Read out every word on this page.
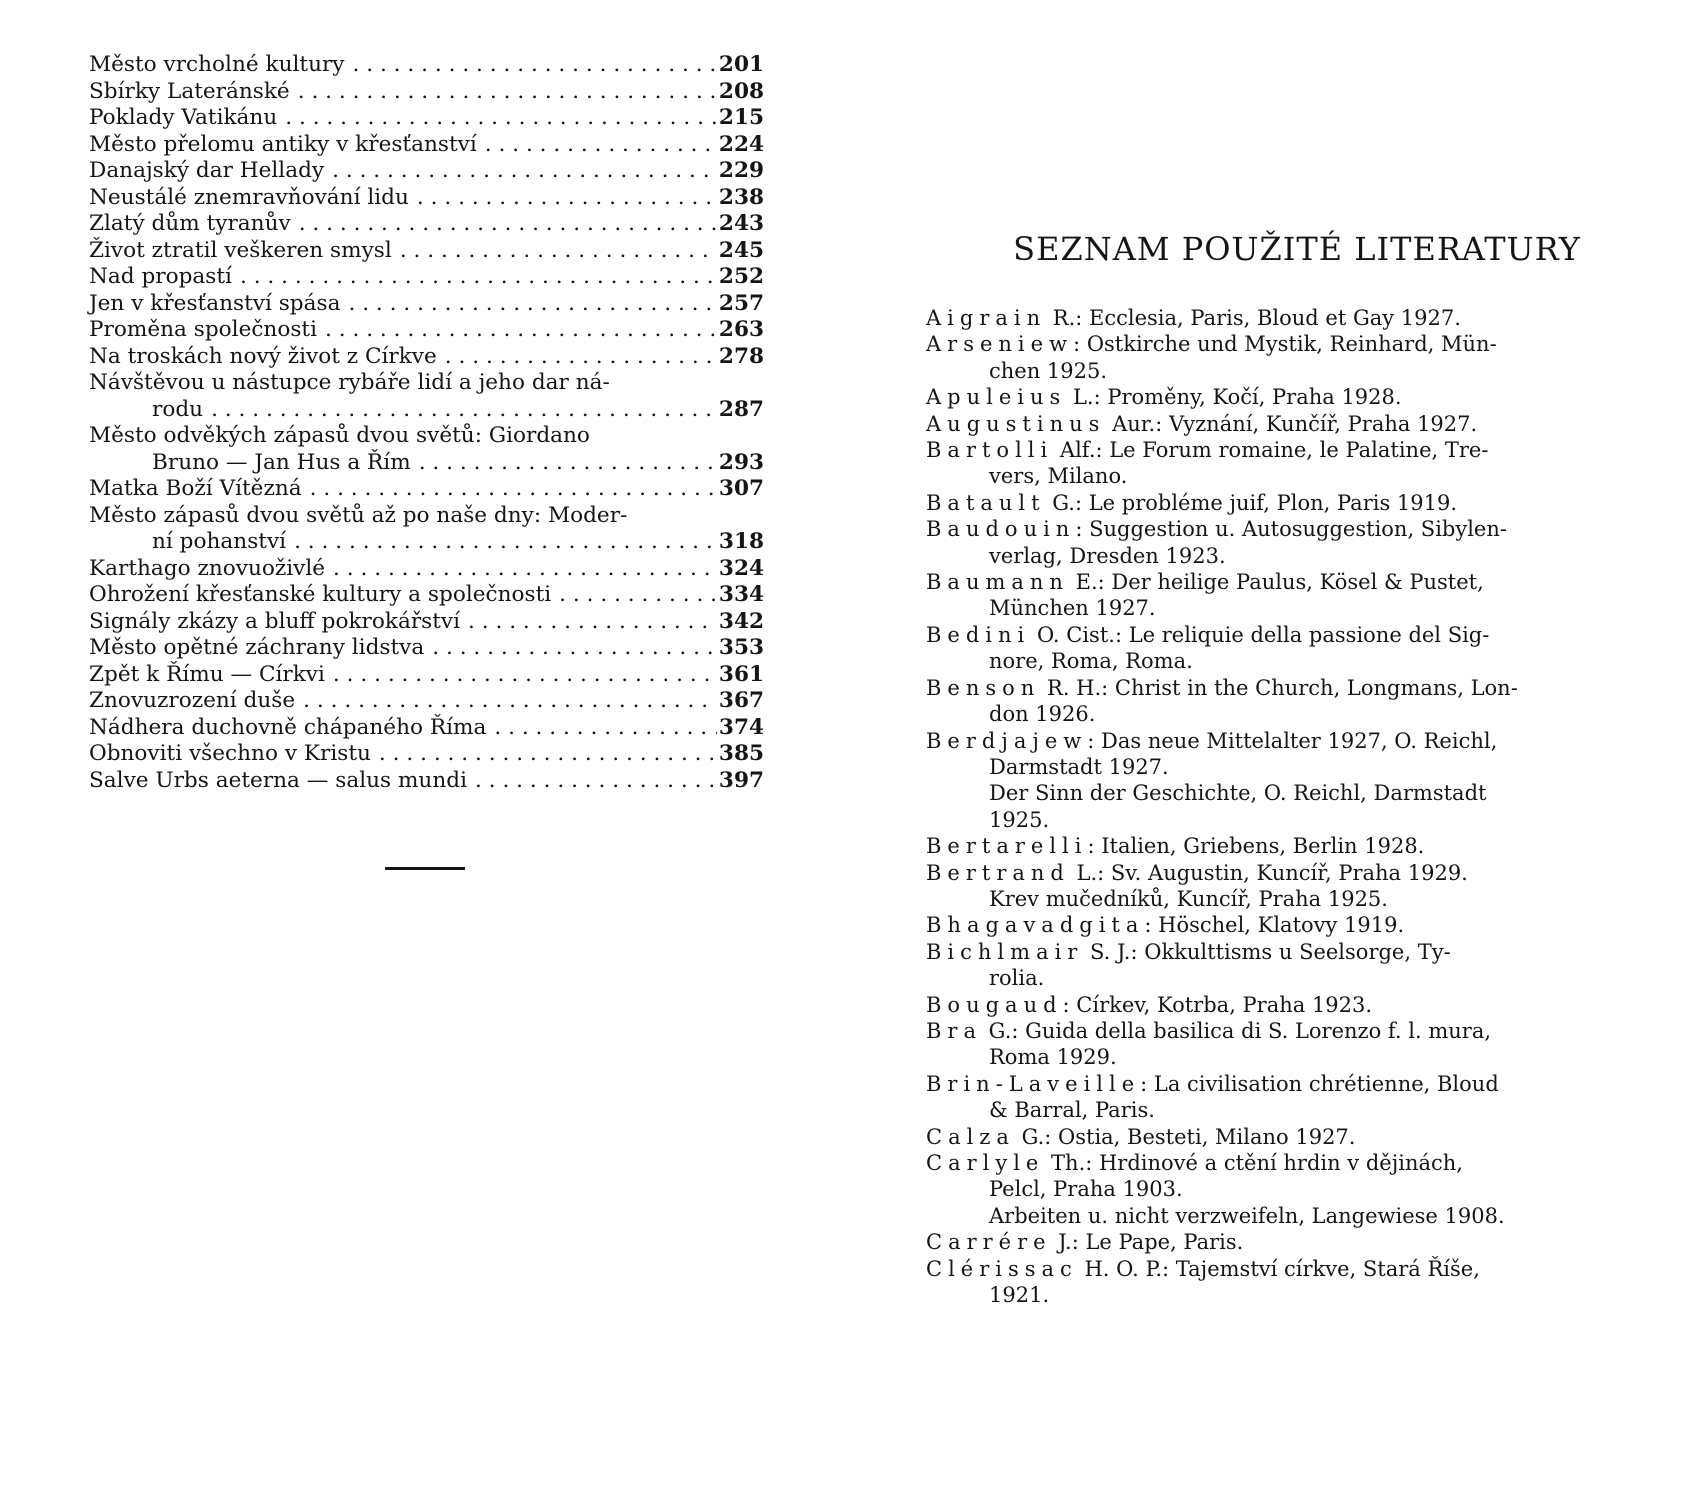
Město vrcholné kultury . . .	201
Sbírky Lateránské . . .	208
Poklady Vatikánu . . .	215
Město přelomu antiky v křesťanství . . .	224
Danajský dar Hellady . . .	229
Neustálé znemravňování lidu . . .	238
Zlatý dům tyranův . . .	243
Život ztratil veškeren smysl . . .	245
Nad propastí . . .	252
Jen v křesťanství spása . . .	257
Proměna společnosti . . .	263
Na troskách nový život z Církve . . .	278
Návštěvou u nástupce rybáře lidí a jeho dar ná-
rodu . . .	287
Město odvěkých zápasů dvou světů: Giordano
Bruno — Jan Hus a Řím . . .	293
Matka Boží Vítězná . . .	307
Město zápasů dvou světů až po naše dny: Moder-
ní pohanství . . .	318
Karthago znovuoživlé . . .	324
Ohrožení křesťanské kultury a společnosti . . .	334
Signály zkázy a bluff pokrokářství . . .	342
Město opětné záchrany lidstva . . .	353
Zpět k Římu — Církvi . . .	361
Znovuzrození duše . . .	367
Nádhera duchovně chápaného Říma . . .	374
Obnoviti všechno v Kristu . . .	385
Salve Urbs aeterna — salus mundi . . .	397
SEZNAM POUŽITÉ LITERATURY
Aigrain R.: Ecclesia, Paris, Bloud et Gay 1927.
Arseniew: Ostkirche und Mystik, Reinhard, Mün-
chen 1925.
Apuleius L.: Proměny, Kočí, Praha 1928.
Augustinus Aur.: Vyznání, Kunčíř, Praha 1927.
Bartolli Alf.: Le Forum romaine, le Palatine, Tre-
vers, Milano.
Batault G.: Le probléme juif, Plon, Paris 1919.
Baudouin: Suggestion u. Autosuggestion, Sibylen-
verlag, Dresden 1923.
Baumann E.: Der heilige Paulus, Kösel & Pustet,
München 1927.
Bedini O. Cist.: Le reliquie della passione del Sig-
nore, Roma, Roma.
Benson R. H.: Christ in the Church, Longmans, Lon-
don 1926.
Berdjajew: Das neue Mittelalter 1927, O. Reichl,
Darmstadt 1927.
Der Sinn der Geschichte, O. Reichl, Darmstadt
1925.
Bertarelli: Italien, Griebens, Berlin 1928.
Bertrand L.: Sv. Augustin, Kuncíř, Praha 1929.
Krev mučedníků, Kuncíř, Praha 1925.
Bhagavadgita: Höschel, Klatovy 1919.
Bichlmair S. J.: Okkulttisms u Seelsorge, Ty-
rolia.
Bougaud: Církev, Kotrba, Praha 1923.
Bra G.: Guida della basilica di S. Lorenzo f. l. mura,
Roma 1929.
Brin-Laveille: La civilisation chrétienne, Bloud
& Barral, Paris.
Calza G.: Ostia, Besteti, Milano 1927.
Carlyle Th.: Hrdinové a ctění hrdin v dějinách,
Pelcl, Praha 1903.
Arbeiten u. nicht verzweifeln, Langewiese 1908.
Carrére J.: Le Pape, Paris.
Clérissac H. O. P.: Tajemství církve, Stará Říše,
1921.
